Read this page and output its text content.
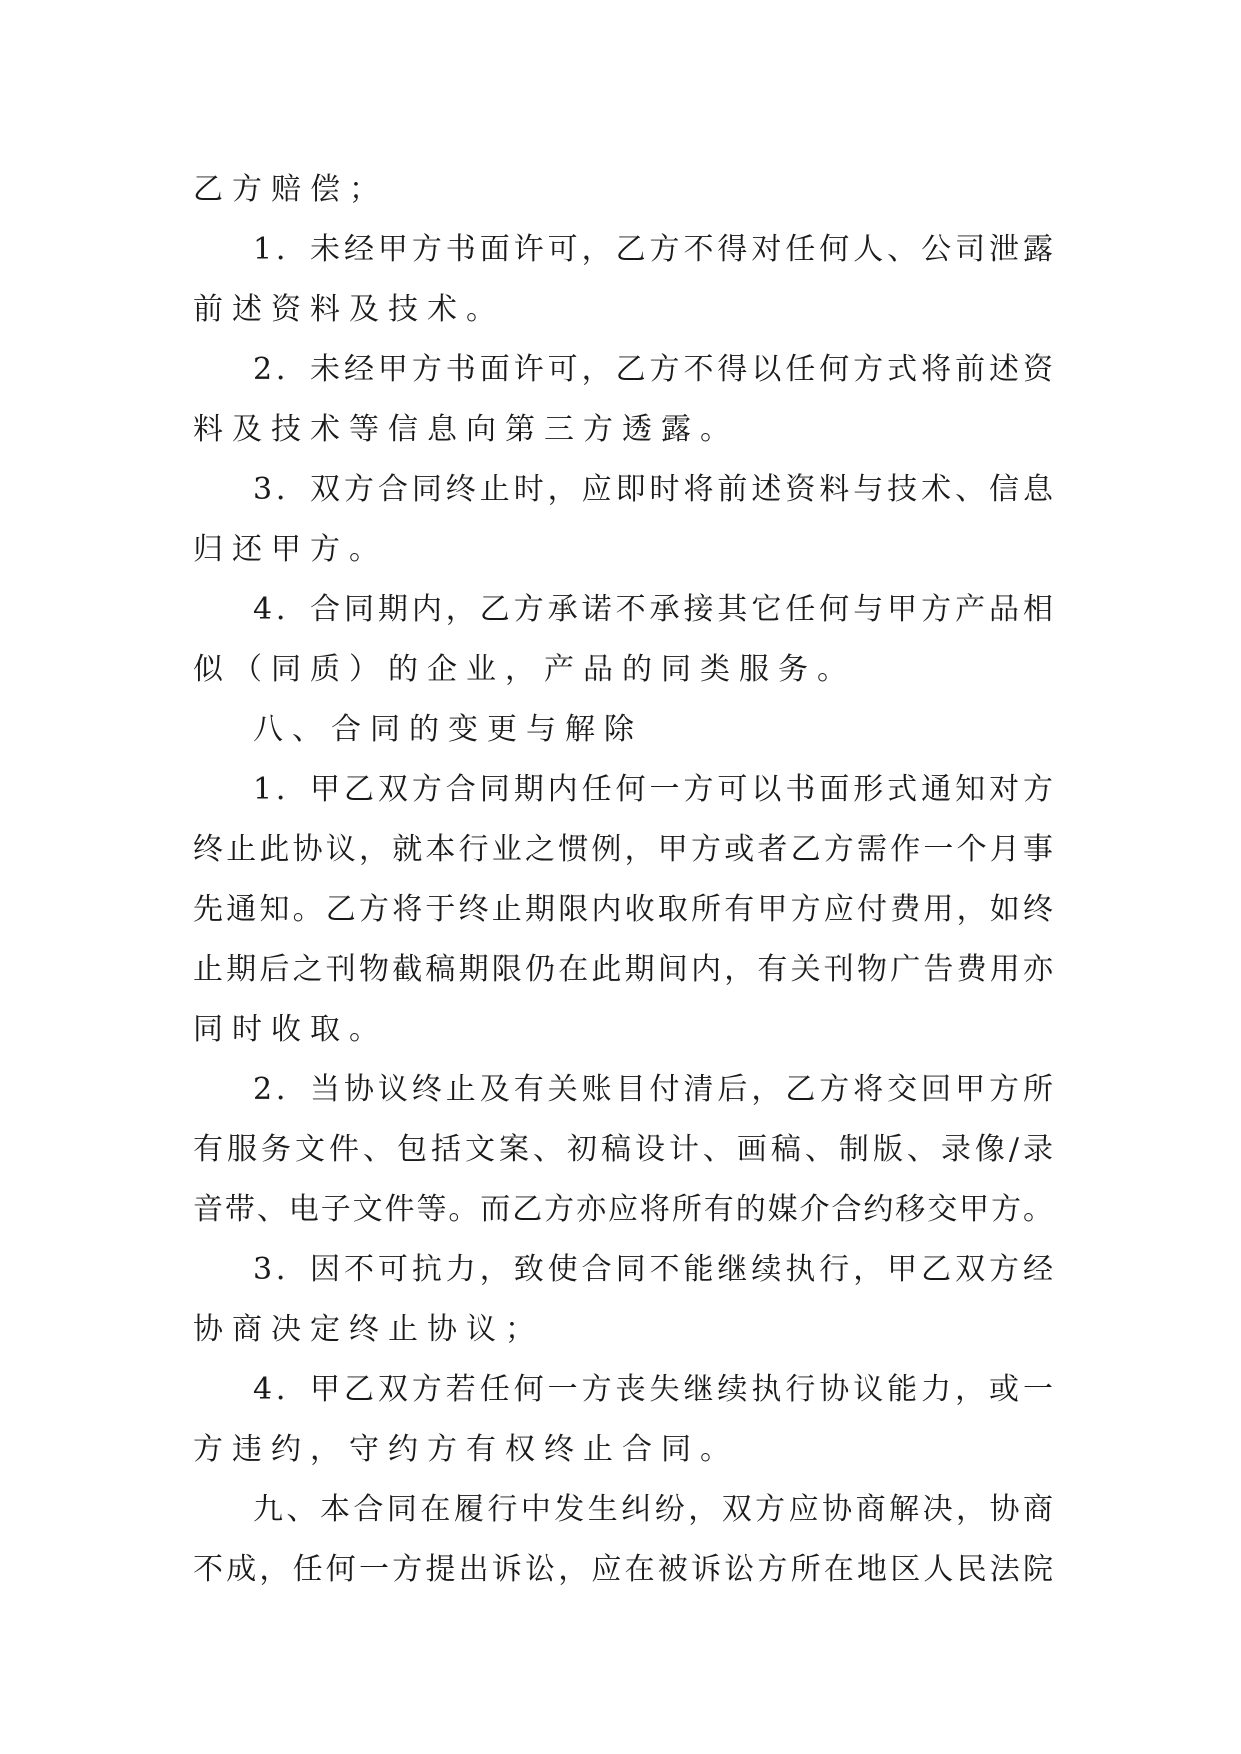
乙方赔偿；
1．未经甲方书面许可，乙方不得对任何人、公司泄露
前述资料及技术。
2．未经甲方书面许可，乙方不得以任何方式将前述资
料及技术等信息向第三方透露。
3．双方合同终止时，应即时将前述资料与技术、信息
归还甲方。
4．合同期内，乙方承诺不承接其它任何与甲方产品相
似（同质）的企业，产品的同类服务。
八、合同的变更与解除
1．甲乙双方合同期内任何一方可以书面形式通知对方
终止此协议，就本行业之惯例，甲方或者乙方需作一个月事
先通知。乙方将于终止期限内收取所有甲方应付费用，如终
止期后之刊物截稿期限仍在此期间内，有关刊物广告费用亦
同时收取。
2．当协议终止及有关账目付清后，乙方将交回甲方所
有服务文件、包括文案、初稿设计、画稿、制版、录像/录
音带、电子文件等。而乙方亦应将所有的媒介合约移交甲方。
3．因不可抗力，致使合同不能继续执行，甲乙双方经
协商决定终止协议；
4．甲乙双方若任何一方丧失继续执行协议能力，或一
方违约，守约方有权终止合同。
九、本合同在履行中发生纠纷，双方应协商解决，协商
不成，任何一方提出诉讼，应在被诉讼方所在地区人民法院
